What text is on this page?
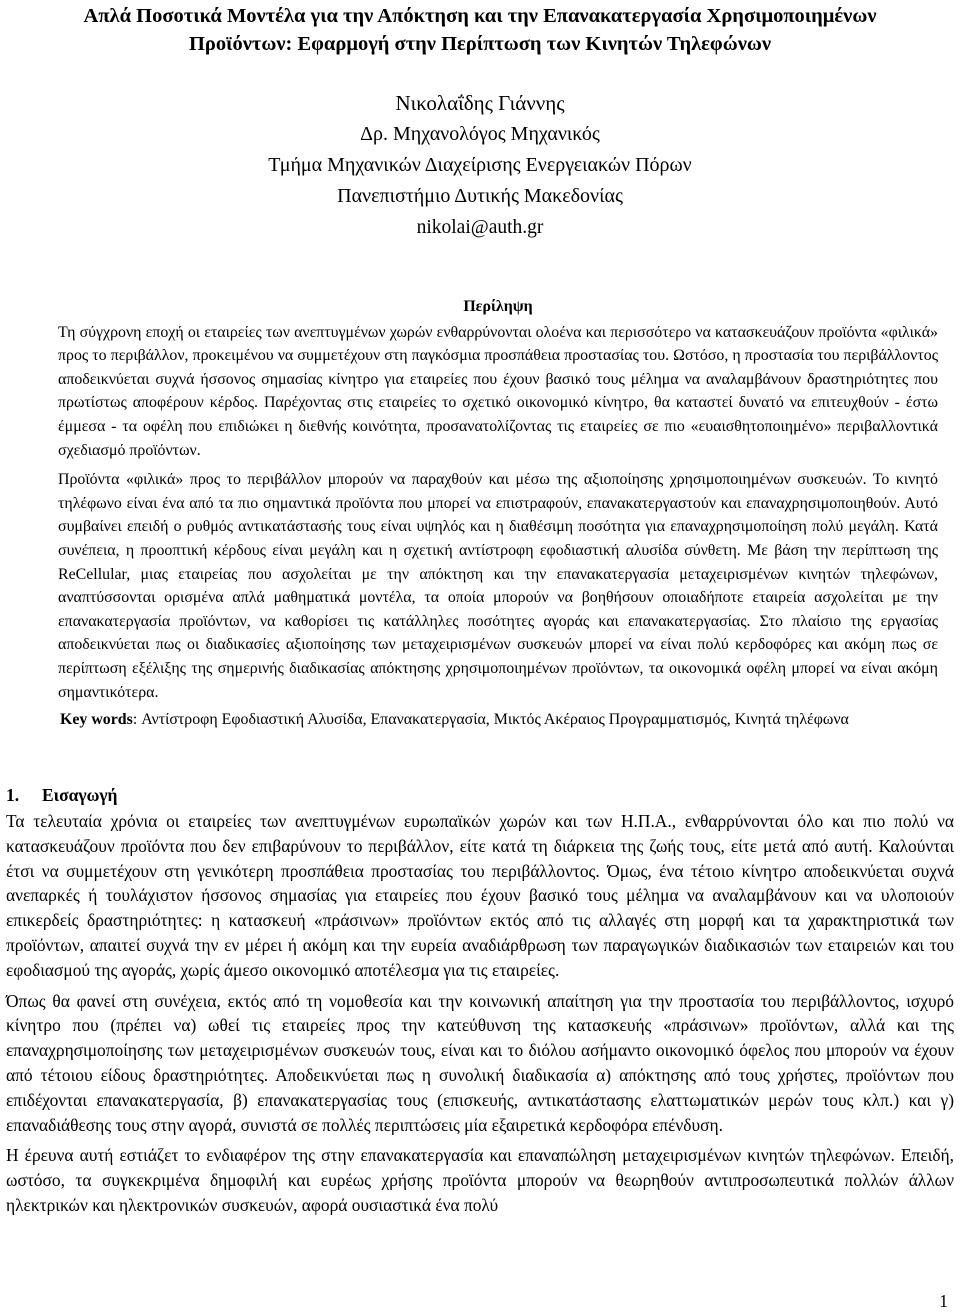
Απλά Ποσοτικά Μοντέλα για την Απόκτηση και την Επανακατεργασία Χρησιμοποιημένων
Προϊόντων: Εφαρμογή στην Περίπτωση των Κινητών Τηλεφώνων
Νικολαΐδης Γιάννης
Δρ. Μηχανολόγος Μηχανικός
Τμήμα Μηχανικών Διαχείρισης Ενεργειακών Πόρων
Πανεπιστήμιο Δυτικής Μακεδονίας
nikolai@auth.gr
Περίληψη

Τη σύγχρονη εποχή οι εταιρείες των ανεπτυγμένων χωρών ενθαρρύνονται ολοένα και περισσότερο να κατασκευάζουν προϊόντα «φιλικά» προς το περιβάλλον, προκειμένου να συμμετέχουν στη παγκόσμια προσπάθεια προστασίας του. Ωστόσο, η προστασία του περιβάλλοντος αποδεικνύεται συχνά ήσσονος σημασίας κίνητρο για εταιρείες που έχουν βασικό τους μέλημα να αναλαμβάνουν δραστηριότητες που πρωτίστως αποφέρουν κέρδος. Παρέχοντας στις εταιρείες το σχετικό οικονομικό κίνητρο, θα καταστεί δυνατό να επιτευχθούν - έστω έμμεσα - τα οφέλη που επιδιώκει η διεθνής κοινότητα, προσανατολίζοντας τις εταιρείες σε πιο «ευαισθητοποιημένο» περιβαλλοντικά σχεδιασμό προϊόντων.

Προϊόντα «φιλικά» προς το περιβάλλον μπορούν να παραχθούν και μέσω της αξιοποίησης χρησιμοποιημένων συσκευών. Το κινητό τηλέφωνο είναι ένα από τα πιο σημαντικά προϊόντα που μπορεί να επιστραφούν, επανακατεργαστούν και επαναχρησιμοποιηθούν. Αυτό συμβαίνει επειδή ο ρυθμός αντικατάστασής τους είναι υψηλός και η διαθέσιμη ποσότητα για επαναχρησιμοποίηση πολύ μεγάλη. Κατά συνέπεια, η προοπτική κέρδους είναι μεγάλη και η σχετική αντίστροφη εφοδιαστική αλυσίδα σύνθετη. Με βάση την περίπτωση της ReCellular, μιας εταιρείας που ασχολείται με την απόκτηση και την επανακατεργασία μεταχειρισμένων κινητών τηλεφώνων, αναπτύσσονται ορισμένα απλά μαθηματικά μοντέλα, τα οποία μπορούν να βοηθήσουν οποιαδήποτε εταιρεία ασχολείται με την επανακατεργασία προϊόντων, να καθορίσει τις κατάλληλες ποσότητες αγοράς και επανακατεργασίας. Στο πλαίσιο της εργασίας αποδεικνύεται πως οι διαδικασίες αξιοποίησης των μεταχειρισμένων συσκευών μπορεί να είναι πολύ κερδοφόρες και ακόμη πως σε περίπτωση εξέλιξης της σημερινής διαδικασίας απόκτησης χρησιμοποιημένων προϊόντων, τα οικονομικά οφέλη μπορεί να είναι ακόμη σημαντικότερα.

Key words: Αντίστροφη Εφοδιαστική Αλυσίδα, Επανακατεργασία, Μικτός Ακέραιος Προγραμματισμός, Κινητά τηλέφωνα

1. Εισαγωγή

Τα τελευταία χρόνια οι εταιρείες των ανεπτυγμένων ευρωπαϊκών χωρών και των Η.Π.Α., ενθαρρύνονται όλο και πιο πολύ να κατασκευάζουν προϊόντα που δεν επιβαρύνουν το περιβάλλον, είτε κατά τη διάρκεια της ζωής τους, είτε μετά από αυτή. Καλούνται έτσι να συμμετέχουν στη γενικότερη προσπάθεια προστασίας του περιβάλλοντος. Όμως, ένα τέτοιο κίνητρο αποδεικνύεται συχνά ανεπαρκές ή τουλάχιστον ήσσονος σημασίας για εταιρείες που έχουν βασικό τους μέλημα να αναλαμβάνουν και να υλοποιούν επικερδείς δραστηριότητες: η κατασκευή «πράσινων» προϊόντων εκτός από τις αλλαγές στη μορφή και τα χαρακτηριστικά των προϊόντων, απαιτεί συχνά την εν μέρει ή ακόμη και την ευρεία αναδιάρθρωση των παραγωγικών διαδικασιών των εταιρειών και του εφοδιασμού της αγοράς, χωρίς άμεσο οικονομικό αποτέλεσμα για τις εταιρείες.

Όπως θα φανεί στη συνέχεια, εκτός από τη νομοθεσία και την κοινωνική απαίτηση για την προστασία του περιβάλλοντος, ισχυρό κίνητρο που (πρέπει να) ωθεί τις εταιρείες προς την κατεύθυνση της κατασκευής «πράσινων» προϊόντων, αλλά και της επαναχρησιμοποίησης των μεταχειρισμένων συσκευών τους, είναι και το διόλου ασήμαντο οικονομικό όφελος που μπορούν να έχουν από τέτοιου είδους δραστηριότητες. Αποδεικνύεται πως η συνολική διαδικασία α) απόκτησης από τους χρήστες, προϊόντων που επιδέχονται επανακατεργασία, β) επανακατεργασίας τους (επισκευής, αντικατάστασης ελαττωματικών μερών τους κλπ.) και γ) επαναδιάθεσης τους στην αγορά, συνιστά σε πολλές περιπτώσεις μία εξαιρετικά κερδοφόρα επένδυση.

Η έρευνα αυτή εστιάζετ το ενδιαφέρον της στην επανακατεργασία και επαναπώληση μεταχειρισμένων κινητών τηλεφώνων. Επειδή, ωστόσο, τα συγκεκριμένα δημοφιλή και ευρέως χρήσης προϊόντα μπορούν να θεωρηθούν αντιπροσωπευτικά πολλών άλλων ηλεκτρικών και ηλεκτρονικών συσκευών, αφορά ουσιαστικά ένα πολύ

1
